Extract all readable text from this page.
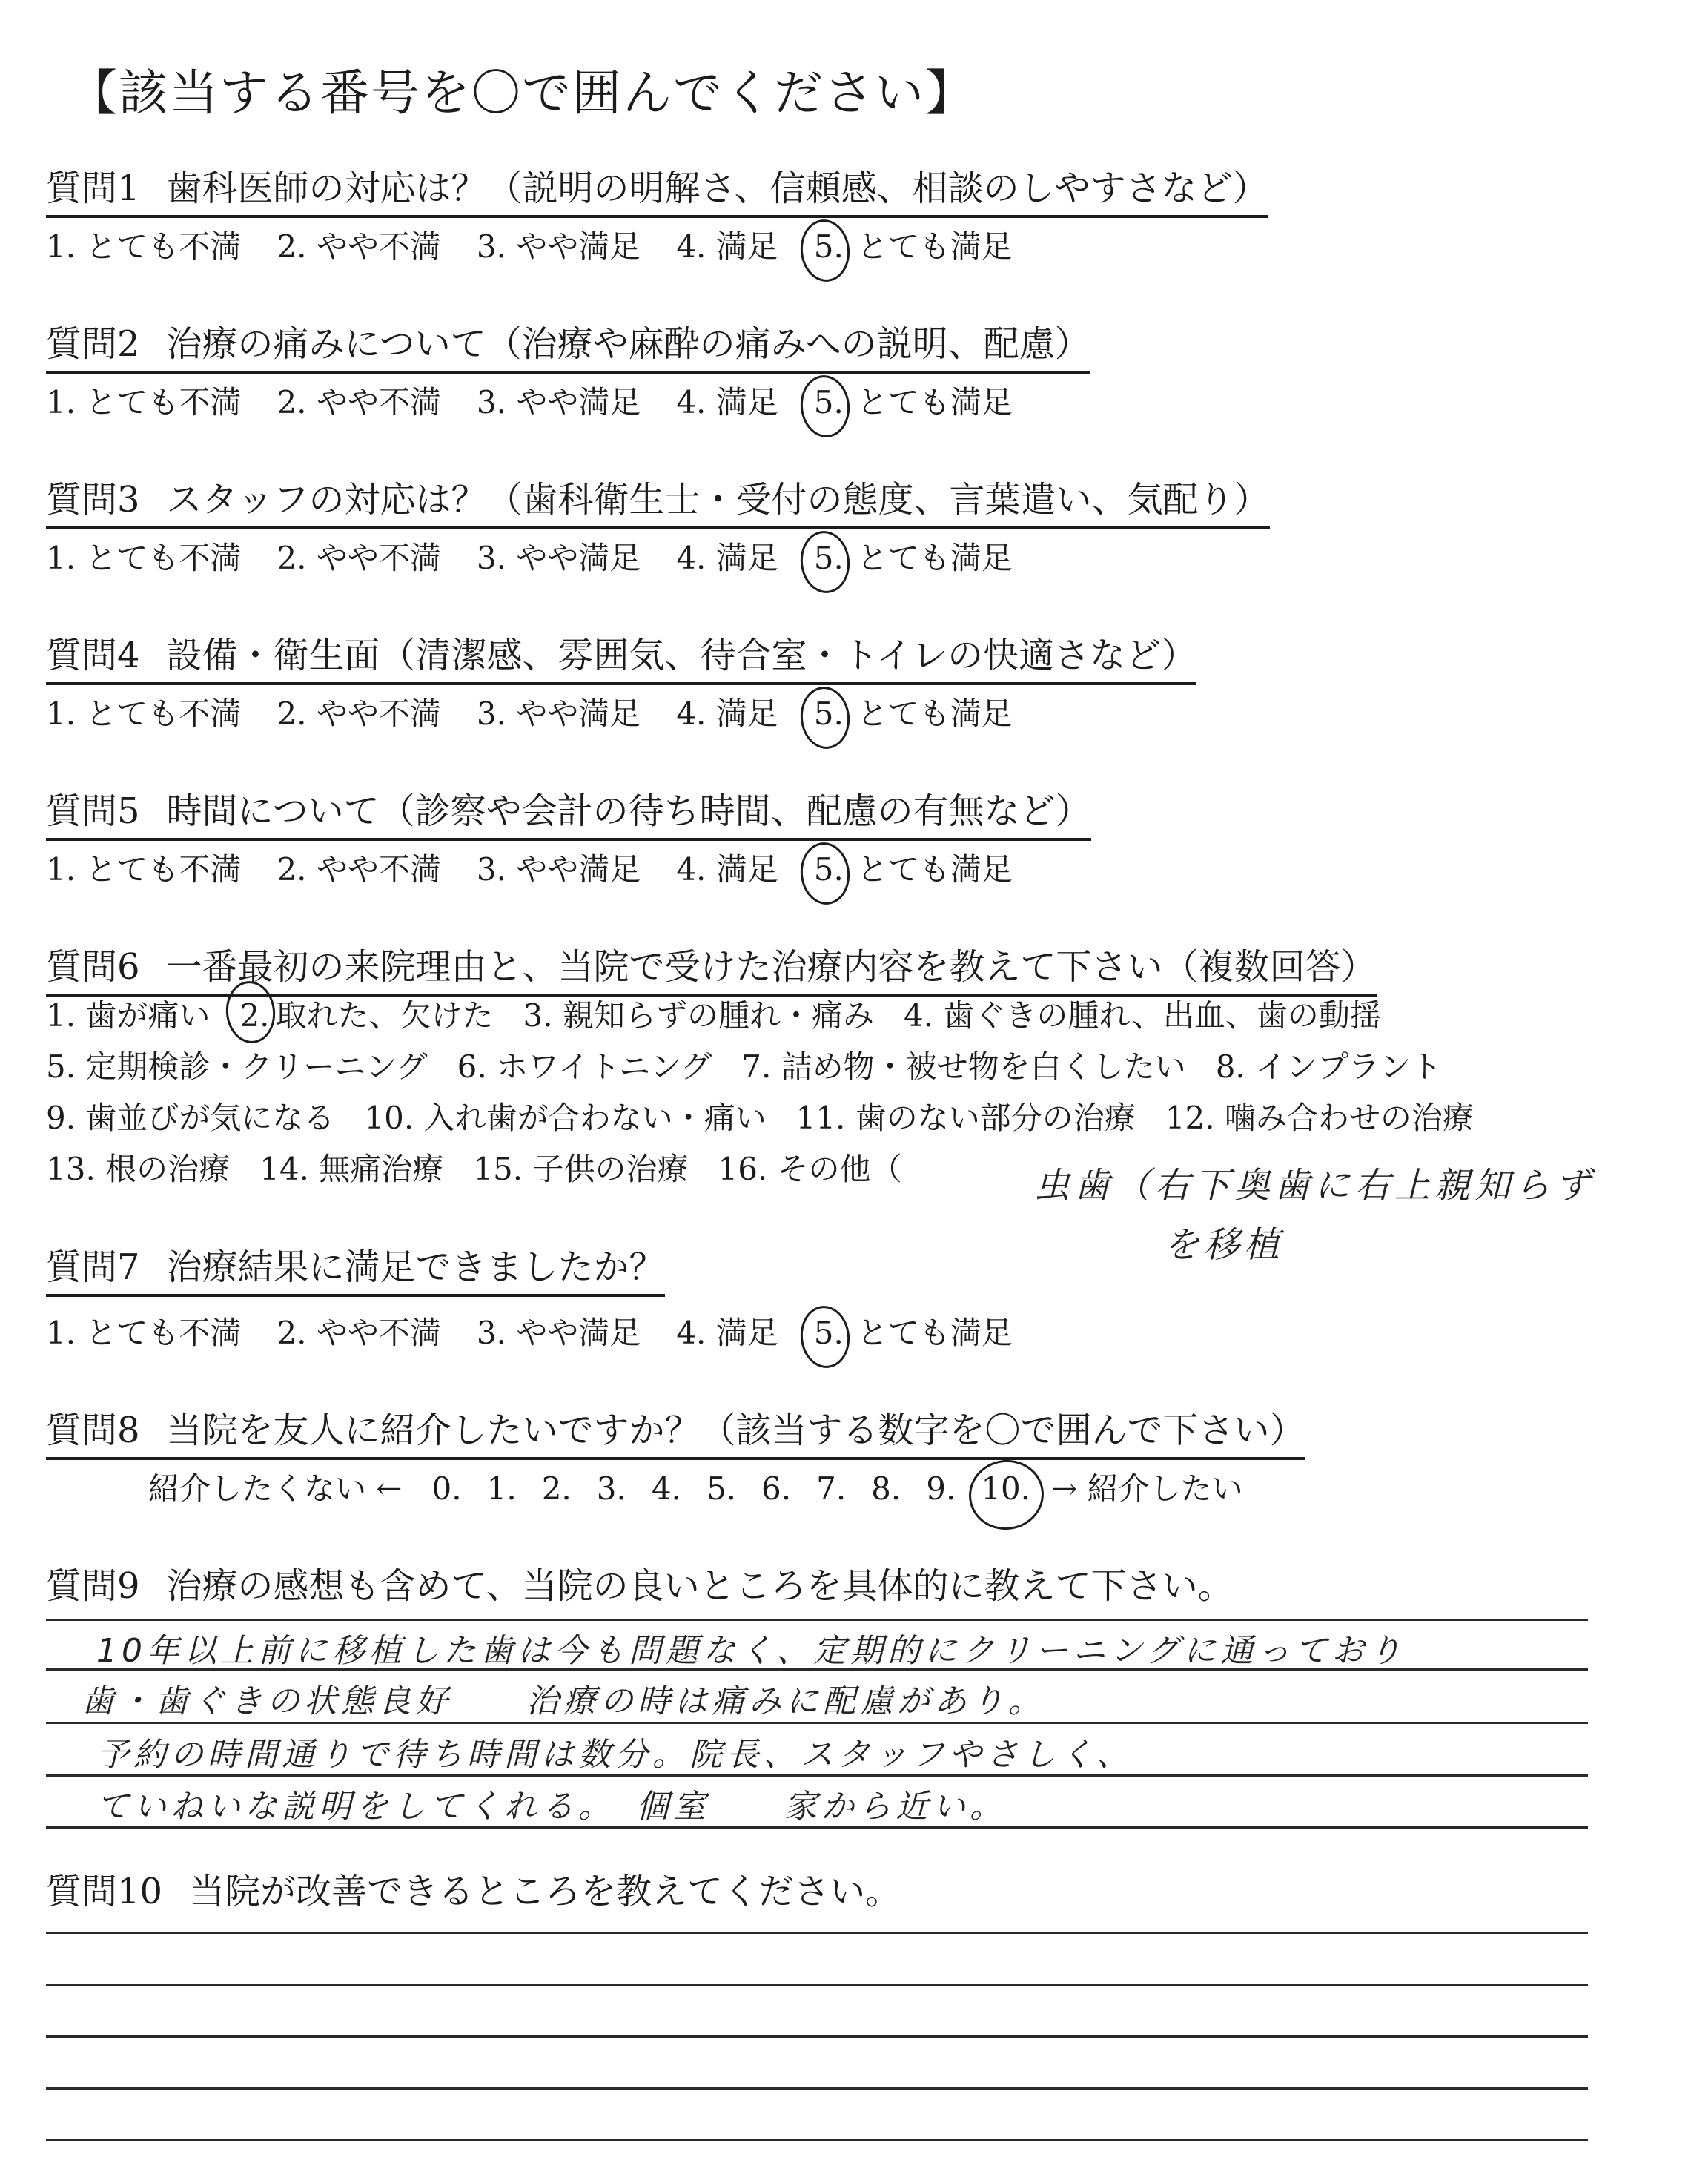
【該当する番号を〇で囲んでください】
質問1 歯科医師の対応は？（説明の明解さ、信頼感、相談のしやすさなど）
1. とても不満 2. やや不満 3. やや満足 4. 満足 5. とても満足
質問2 治療の痛みについて（治療や麻酔の痛みへの説明、配慮）
1. とても不満 2. やや不満 3. やや満足 4. 満足 5. とても満足
質問3 スタッフの対応は？（歯科衛生士・受付の態度、言葉遣い、気配り）
1. とても不満 2. やや不満 3. やや満足 4. 満足 5. とても満足
質問4 設備・衛生面（清潔感、雰囲気、待合室・トイレの快適さなど）
1. とても不満 2. やや不満 3. やや満足 4. 満足 5. とても満足
質問5 時間について（診察や会計の待ち時間、配慮の有無など）
1. とても不満 2. やや不満 3. やや満足 4. 満足 5. とても満足
質問6 一番最初の来院理由と、当院で受けた治療内容を教えて下さい（複数回答）
1. 歯が痛い 2. 取れた、欠けた 3. 親知らずの腫れ・痛み 4. 歯ぐきの腫れ、出血、歯の動揺
5. 定期検診・クリーニング 6. ホワイトニング 7. 詰め物・被せ物を白くしたい 8. インプラント
9. 歯並びが気になる 10. 入れ歯が合わない・痛い 11. 歯のない部分の治療 12. 噛み合わせの治療
13. 根の治療 14. 無痛治療 15. 子供の治療 16. その他（	虫歯（右下奥歯に右上親知らず
を移植
質問7 治療結果に満足できましたか？
1. とても不満 2. やや不満 3. やや満足 4. 満足 5. とても満足
質問8 当院を友人に紹介したいですか？（該当する数字を〇で囲んで下さい）
紹介したくない ← 0. 1. 2. 3. 4. 5. 6. 7. 8. 9. 10. → 紹介したい
質問9 治療の感想も含めて、当院の良いところを具体的に教えて下さい。
10年以上前に移植した歯は今も問題なく、定期的にクリーニングに通っており
歯・歯ぐきの状態良好　　治療の時は痛みに配慮があり。
予約の時間通りで待ち時間は数分。院長、スタッフやさしく、
ていねいな説明をしてくれる。　個室　　家から近い。
質問10 当院が改善できるところを教えてください。
